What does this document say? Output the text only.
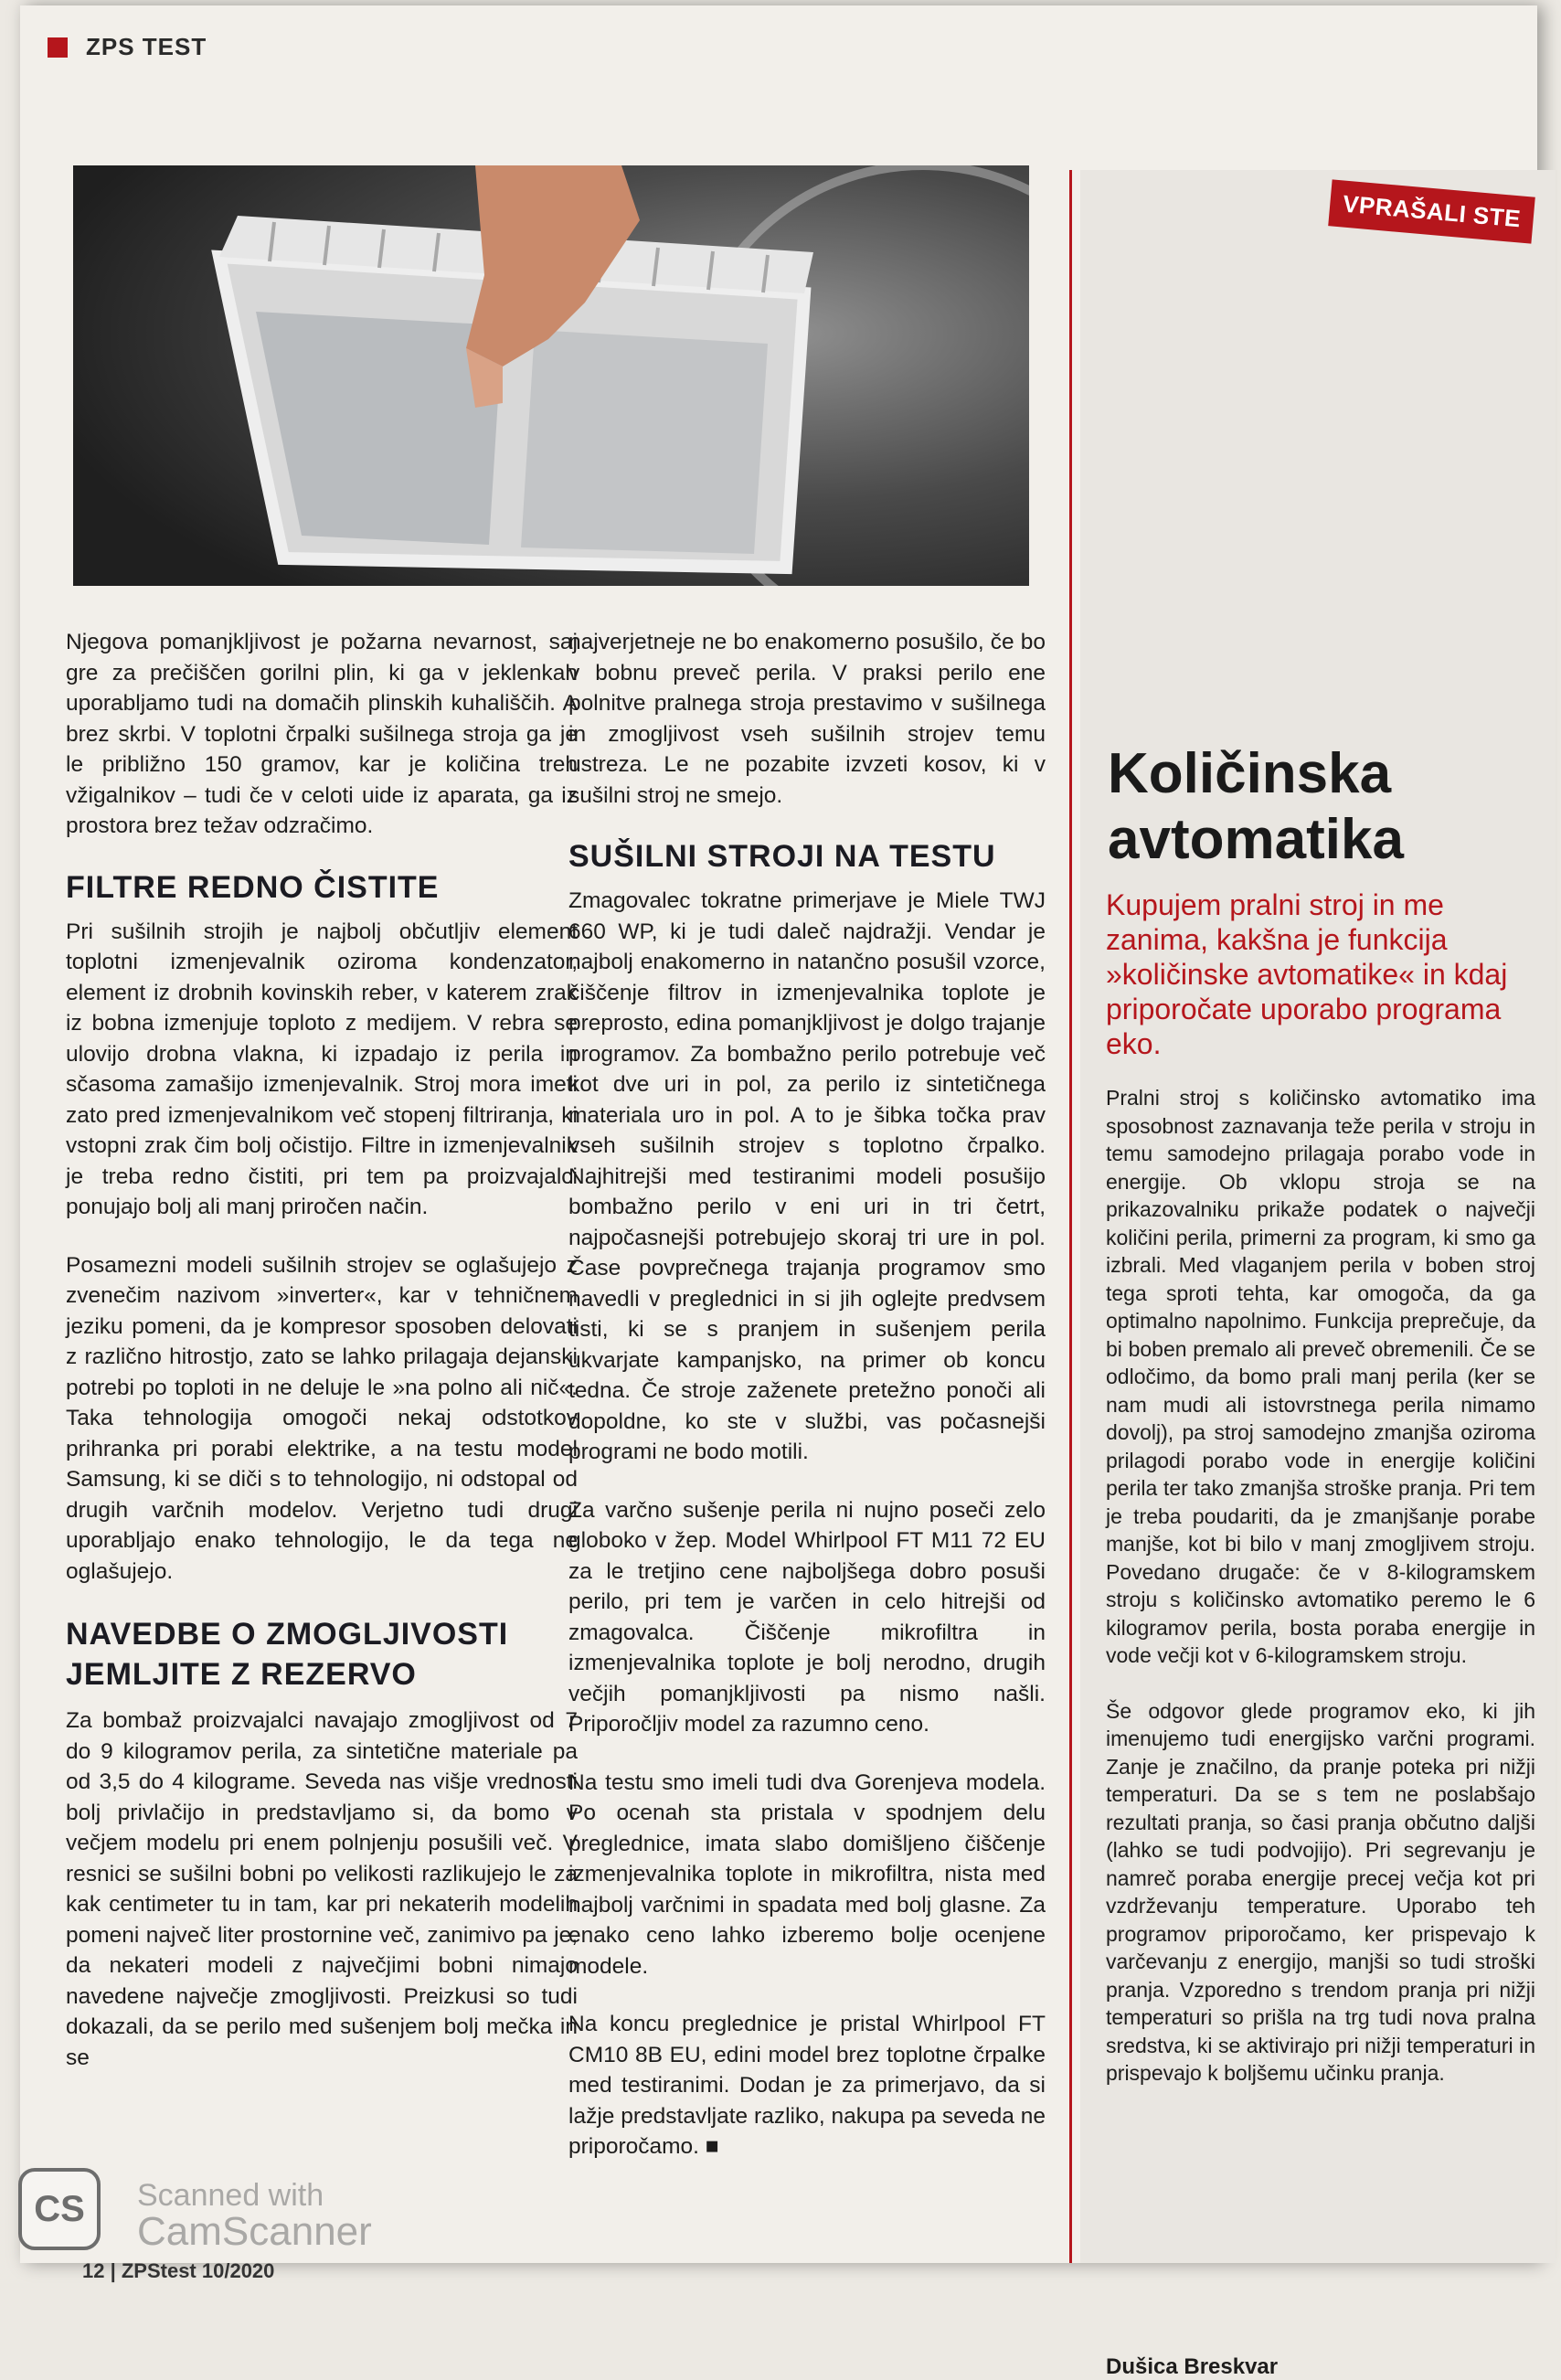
ZPS TEST

Njegova pomanjkljivost je požarna nevarnost, saj gre za prečiščen gorilni plin, ki ga v jeklenkah uporabljamo tudi na domačih plinskih kuhališčih. A brez skrbi. V toplotni črpalki sušilnega stroja ga je le približno 150 gramov, kar je količina treh vžigalnikov – tudi če v celoti uide iz aparata, ga iz prostora brez težav odzračimo.

FILTRE REDNO ČISTITE

Pri sušilnih strojih je najbolj občutljiv element toplotni izmenjevalnik oziroma kondenzator, element iz drobnih kovinskih reber, v katerem zrak iz bobna izmenjuje toploto z medijem. V rebra se ulovijo drobna vlakna, ki izpadajo iz perila in sčasoma zamašijo izmenjevalnik. Stroj mora imeti zato pred izmenjevalnikom več stopenj filtriranja, ki vstopni zrak čim bolj očistijo. Filtre in izmenjevalnik je treba redno čistiti, pri tem pa proizvajalci ponujajo bolj ali manj priročen način.

Posamezni modeli sušilnih strojev se oglašujejo z zvenečim nazivom »inverter«, kar v tehničnem jeziku pomeni, da je kompresor sposoben delovati z različno hitrostjo, zato se lahko prilagaja dejanski potrebi po toploti in ne deluje le »na polno ali nič«. Taka tehnologija omogoči nekaj odstotkov prihranka pri porabi elektrike, a na testu model Samsung, ki se diči s to tehnologijo, ni odstopal od drugih varčnih modelov. Verjetno tudi drugi uporabljajo enako tehnologijo, le da tega ne oglašujejo.

NAVEDBE O ZMOGLJIVOSTI JEMLJITE Z REZERVO

Za bombaž proizvajalci navajajo zmogljivost od 7 do 9 kilogramov perila, za sintetične materiale pa od 3,5 do 4 kilograme. Seveda nas višje vrednosti bolj privlačijo in predstavljamo si, da bomo v večjem modelu pri enem polnjenju posušili več. V resnici se sušilni bobni po velikosti razlikujejo le za kak centimeter tu in tam, kar pri nekaterih modelih pomeni največ liter prostornine več, zanimivo pa je, da nekateri modeli z največjimi bobni nimajo navedene največje zmogljivosti. Preizkusi so tudi dokazali, da se perilo med sušenjem bolj mečka in se

najverjetneje ne bo enakomerno posušilo, če bo v bobnu preveč perila. V praksi perilo ene polnitve pralnega stroja prestavimo v sušilnega in zmogljivost vseh sušilnih strojev temu ustreza. Le ne pozabite izvzeti kosov, ki v sušilni stroj ne smejo.

SUŠILNI STROJI NA TESTU

Zmagovalec tokratne primerjave je Miele TWJ 660 WP, ki je tudi daleč najdražji. Vendar je najbolj enakomerno in natančno posušil vzorce, čiščenje filtrov in izmenjevalnika toplote je preprosto, edina pomanjkljivost je dolgo trajanje programov. Za bombažno perilo potrebuje več kot dve uri in pol, za perilo iz sintetičnega materiala uro in pol. A to je šibka točka prav vseh sušilnih strojev s toplotno črpalko. Najhitrejši med testiranimi modeli posušijo bombažno perilo v eni uri in tri četrt, najpočasnejši potrebujejo skoraj tri ure in pol. Čase povprečnega trajanja programov smo navedli v preglednici in si jih oglejte predvsem tisti, ki se s pranjem in sušenjem perila ukvarjate kampanjsko, na primer ob koncu tedna. Če stroje zaženete pretežno ponoči ali dopoldne, ko ste v službi, vas počasnejši programi ne bodo motili.

Za varčno sušenje perila ni nujno poseči zelo globoko v žep. Model Whirlpool FT M11 72 EU za le tretjino cene najboljšega dobro posuši perilo, pri tem je varčen in celo hitrejši od zmagovalca. Čiščenje mikrofiltra in izmenjevalnika toplote je bolj nerodno, drugih večjih pomanjkljivosti pa nismo našli. Priporočljiv model za razumno ceno.

Na testu smo imeli tudi dva Gorenjeva modela. Po ocenah sta pristala v spodnjem delu preglednice, imata slabo domišljeno čiščenje izmenjevalnika toplote in mikrofiltra, nista med najbolj varčnimi in spadata med bolj glasne. Za enako ceno lahko izberemo bolje ocenjene modele.

Na koncu preglednice je pristal Whirlpool FT CM10 8B EU, edini model brez toplotne črpalke med testiranimi. Dodan je za primerjavo, da si lažje predstavljate razliko, nakupa pa seveda ne priporočamo. ■

VPRAŠALI STE
Količinska
avtomatika
Kupujem pralni stroj in me zanima, kakšna je funkcija »količinske avtomatike« in kdaj priporočate uporabo programa eko.

Pralni stroj s količinsko avtomatiko ima sposobnost zaznavanja teže perila v stroju in temu samodejno prilagaja porabo vode in energije. Ob vklopu stroja se na prikazovalniku prikaže podatek o največji količini perila, primerni za program, ki smo ga izbrali. Med vlaganjem perila v boben stroj tega sproti tehta, kar omogoča, da ga optimalno napolnimo. Funkcija preprečuje, da bi boben premalo ali preveč obremenili. Če se odločimo, da bomo prali manj perila (ker se nam mudi ali istovrstnega perila nimamo dovolj), pa stroj samodejno zmanjša oziroma prilagodi porabo vode in energije količini perila ter tako zmanjša stroške pranja. Pri tem je treba poudariti, da je zmanjšanje porabe manjše, kot bi bilo v manj zmogljivem stroju. Povedano drugače: če v 8-kilogramskem stroju s količinsko avtomatiko peremo le 6 kilogramov perila, bosta poraba energije in vode večji kot v 6-kilogramskem stroju.

Še odgovor glede programov eko, ki jih imenujemo tudi energijsko varčni programi. Zanje je značilno, da pranje poteka pri nižji temperaturi. Da se s tem ne poslabšajo rezultati pranja, so časi pranja občutno daljši (lahko se tudi podvojijo). Pri segrevanju je namreč poraba energije precej večja kot pri vzdrževanju temperature. Uporabo teh programov priporočamo, ker prispevajo k varčevanju z energijo, manjši so tudi stroški pranja. Vzporedno s trendom pranja pri nižji temperaturi so prišla na trg tudi nova pralna sredstva, ki se aktivirajo pri nižji temperaturi in prispevajo k boljšemu učinku pranja.

Dušica Breskvar
12 | ZPStest 10/2020
CS	Scanned with
CamScanner
